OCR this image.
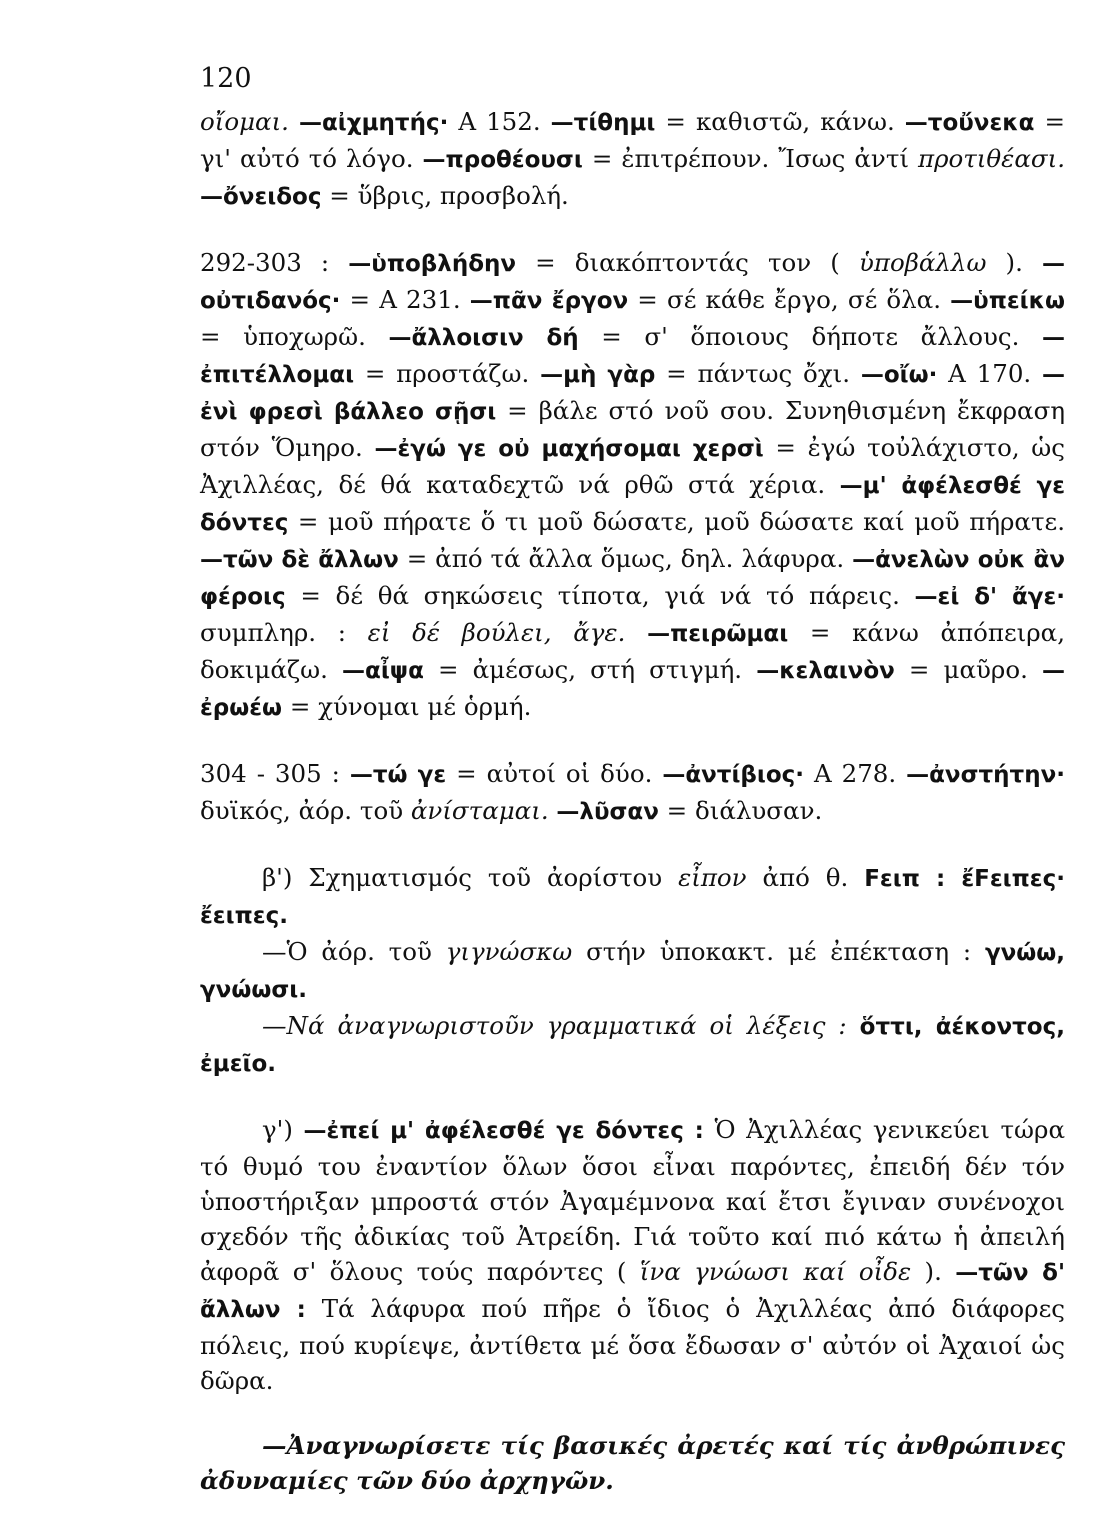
120

οἴομαι. —αἰχμητής· Α 152. —τίθημι = καθιστῶ, κάνω. —τοὔνεκα = γι' αὐτό τό λόγο. —προθέουσι = ἐπιτρέπουν. Ἴσως ἀντί προτιθέασι. —ὄνειδος = ὕβρις, προσβολή.

292-303 : —ὑποβλήδην = διακόπτοντάς τον ( ὑποβάλλω ). —οὐτιδανός· = Α 231. —πᾶν ἔργον = σέ κάθε ἔργο, σέ ὅλα. —ὑπείκω = ὑποχωρῶ. —ἄλλοισιν δή = σ' ὅποιους δήποτε ἄλλους. —ἐπιτέλλομαι = προστάζω. —μὴ γὰρ = πάντως ὄχι. —οἴω· Α 170. —ἐνὶ φρεσὶ βάλλεο σῇσι = βάλε στό νοῦ σου. Συνηθισμένη ἔκφραση στόν Ὅμηρο. —ἐγώ γε οὐ μαχήσομαι χερσὶ = ἐγώ τοὐλάχιστο, ὡς Ἀχιλλέας, δέ θά καταδεχτῶ νά ρθῶ στά χέρια. —μ' ἀφέλεσθέ γε δόντες = μοῦ πήρατε ὅ τι μοῦ δώσατε, μοῦ δώσατε καί μοῦ πήρατε. —τῶν δὲ ἄλλων = ἀπό τά ἄλλα ὅμως, δηλ. λάφυρα. —ἀνελὼν οὐκ ἂν φέροις = δέ θά σηκώσεις τίποτα, γιά νά τό πάρεις. —εἰ δ' ἄγε· συμπληρ. : εἰ δέ βούλει, ἄγε. —πειρῶμαι = κάνω ἀπόπειρα, δοκιμάζω. —αἶψα = ἀμέσως, στή στιγμή. —κελαινὸν = μαῦρο. —ἐρωέω = χύνομαι μέ ὁρμή.

304 - 305 : —τώ γε = αὐτοί οἱ δύο. —ἀντίβιος· Α 278. —ἀνστήτην· δυϊκός, ἀόρ. τοῦ ἀνίσταμαι. —λῦσαν = διάλυσαν.

β') Σχηματισμός τοῦ ἀορίστου εἶπον ἀπό θ. Fειπ : ἔFειπες· ἔειπες.

—Ὁ ἀόρ. τοῦ γιγνώσκω στήν ὑποκακτ. μέ ἐπέκταση : γνώω, γνώωσι.

—Νά ἀναγνωριστοῦν γραμματικά οἱ λέξεις : ὅττι, ἀέκοντος, ἐμεῖο.

γ') —ἐπεί μ' ἀφέλεσθέ γε δόντες : Ὁ Ἀχιλλέας γενικεύει τώρα τό θυμό του ἐναντίον ὅλων ὅσοι εἶναι παρόντες, ἐπειδή δέν τόν ὑποστήριξαν μπροστά στόν Ἀγαμέμνονα καί ἔτσι ἔγιναν συνένοχοι σχεδόν τῆς ἀδικίας τοῦ Ἀτρείδη. Γιά τοῦτο καί πιό κάτω ἡ ἀπειλή ἀφορᾶ σ' ὅλους τούς παρόντες ( ἵνα γνώωσι καί οἶδε ). —τῶν δ' ἄλλων : Τά λάφυρα πού πῆρε ὁ ἴδιος ὁ Ἀχιλλέας ἀπό διάφορες πόλεις, πού κυρίεψε, ἀντίθετα μέ ὅσα ἔδωσαν σ' αὐτόν οἱ Ἀχαιοί ὡς δῶρα.

—Ἀναγνωρίσετε τίς βασικές ἀρετές καί τίς ἀνθρώπινες ἀδυναμίες τῶν δύο ἀρχηγῶν.
